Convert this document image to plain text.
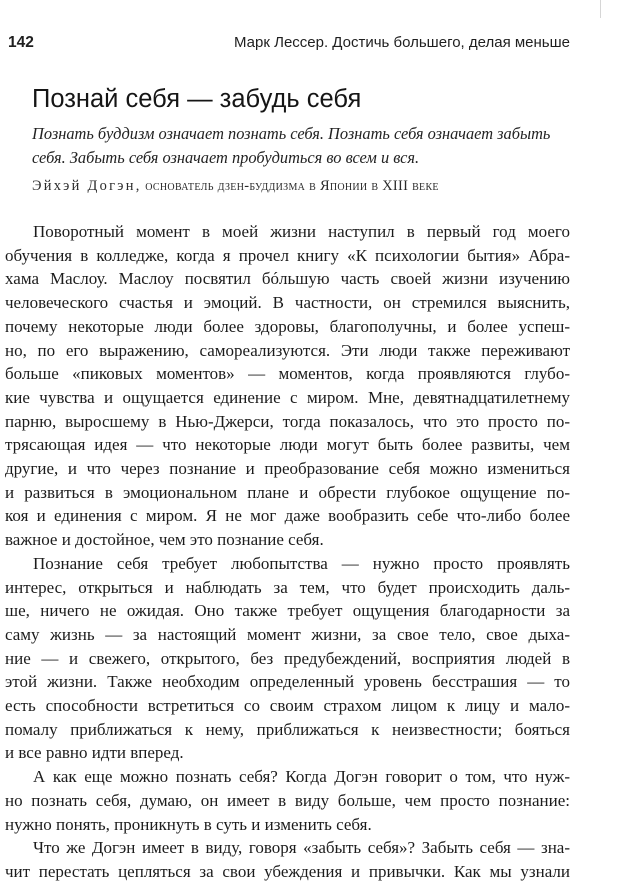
142	Марк Лессер. Достичь большего, делая меньше
Познай себя — забудь себя
Познать буддизм означает познать себя. Познать себя означает забыть
себя. Забыть себя означает пробудиться во всем и вся.
Эйхэй Догэн, основатель дзен-буддизма в Японии в XIII веке
Поворотный момент в моей жизни наступил в первый год моего
обучения в колледже, когда я прочел книгу «К психологии бытия» Абра-
хама Маслоу. Маслоу посвятил бóльшую часть своей жизни изучению
человеческого счастья и эмоций. В частности, он стремился выяснить,
почему некоторые люди более здоровы, благополучны, и более успеш-
но, по его выражению, самореализуются. Эти люди также переживают
больше «пиковых моментов» — моментов, когда проявляются глубо-
кие чувства и ощущается единение с миром. Мне, девятнадцатилетнему
парню, выросшему в Нью-Джерси, тогда показалось, что это просто по-
трясающая идея — что некоторые люди могут быть более развиты, чем
другие, и что через познание и преобразование себя можно измениться
и развиться в эмоциональном плане и обрести глубокое ощущение по-
коя и единения с миром. Я не мог даже вообразить себе что-либо более
важное и достойное, чем это познание себя.
Познание себя требует любопытства — нужно просто проявлять
интерес, открыться и наблюдать за тем, что будет происходить даль-
ше, ничего не ожидая. Оно также требует ощущения благодарности за
саму жизнь — за настоящий момент жизни, за свое тело, свое дыха-
ние — и свежего, открытого, без предубеждений, восприятия людей в
этой жизни. Также необходим определенный уровень бесстрашия — то
есть способности встретиться со своим страхом лицом к лицу и мало-
помалу приближаться к нему, приближаться к неизвестности; бояться
и все равно идти вперед.
А как еще можно познать себя? Когда Догэн говорит о том, что нуж-
но познать себя, думаю, он имеет в виду больше, чем просто познание:
нужно понять, проникнуть в суть и изменить себя.
Что же Догэн имеет в виду, говоря «забыть себя»? Забыть себя — зна-
чит перестать цепляться за свои убеждения и привычки. Как мы узнали
